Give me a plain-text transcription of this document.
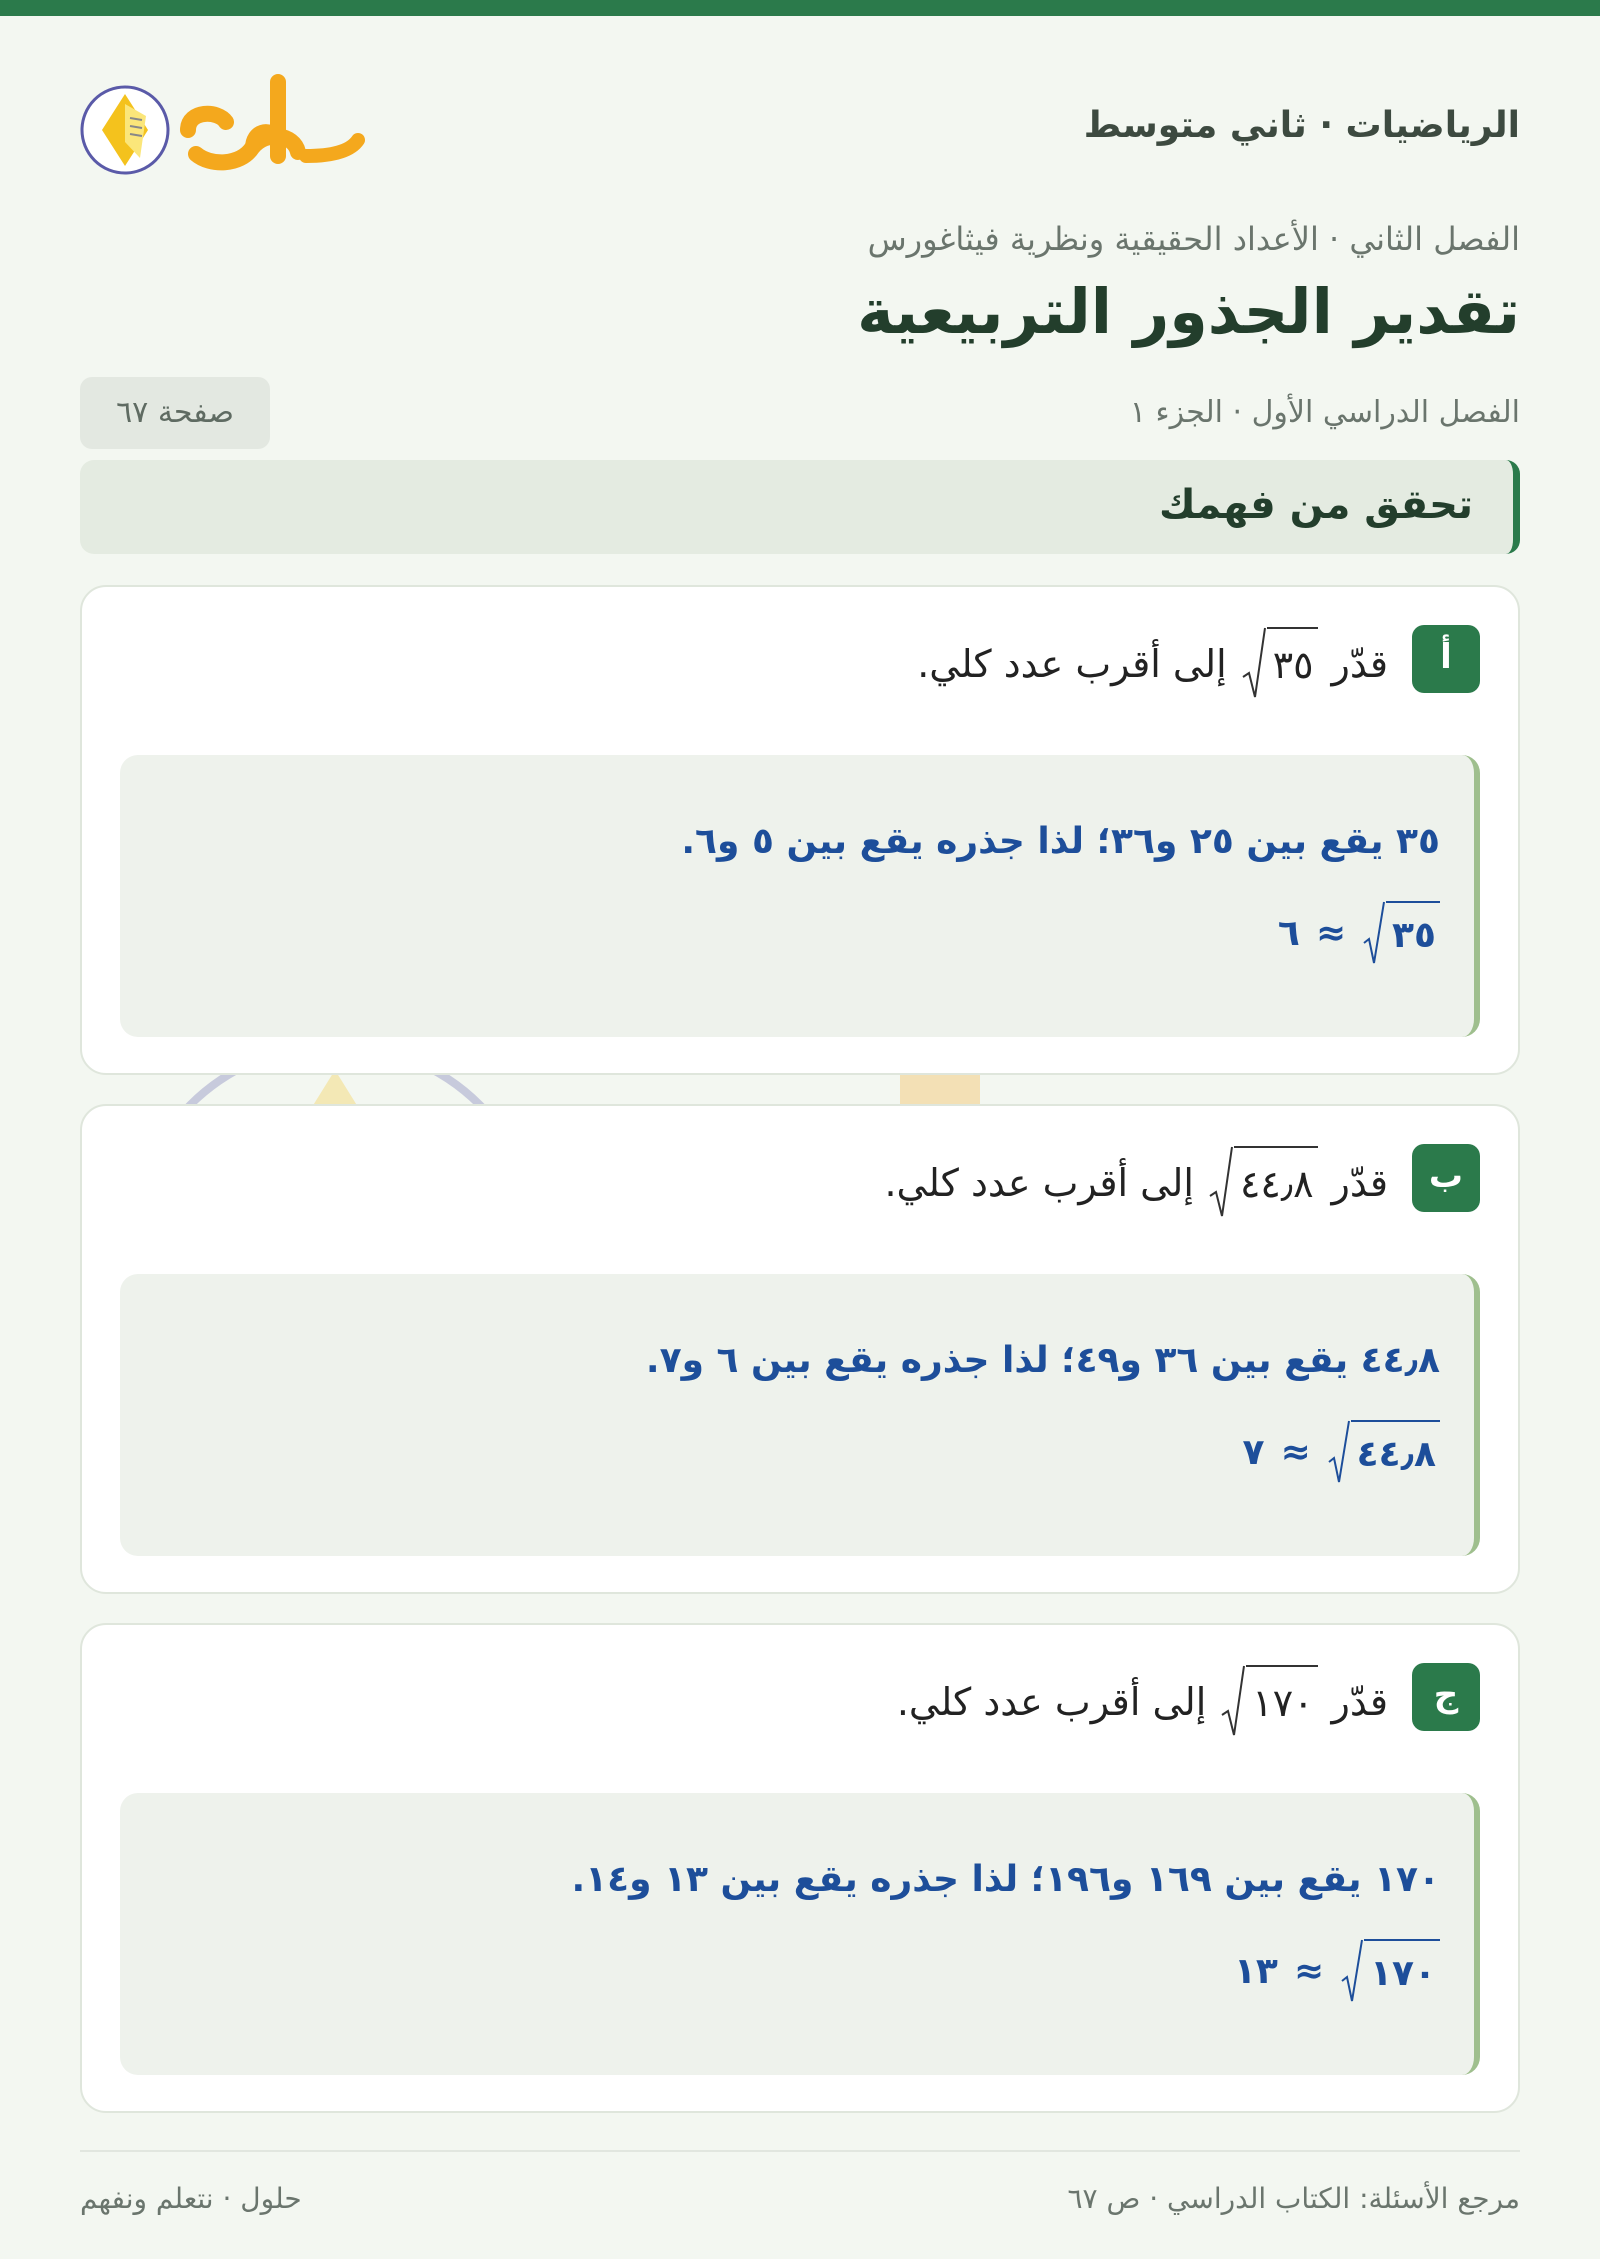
الرياضيات · ثاني متوسط
الفصل الثاني · الأعداد الحقيقية ونظرية فيثاغورس
تقدير الجذور التربيعية
الفصل الدراسي الأول · الجزء ١
صفحة ٦٧
تحقق من فهمك
أ
قدّر
٣٥
إلى أقرب عدد كلي.
٣٥ يقع بين ٢٥ و٣٦؛ لذا جذره يقع بين ٥ و٦.
٣٥
≈
٦
ب
قدّر
٤٤٫٨
إلى أقرب عدد كلي.
٤٤٫٨ يقع بين ٣٦ و٤٩؛ لذا جذره يقع بين ٦ و٧.
٤٤٫٨
≈
٧
ج
قدّر
١٧٠
إلى أقرب عدد كلي.
١٧٠ يقع بين ١٦٩ و١٩٦؛ لذا جذره يقع بين ١٣ و١٤.
١٧٠
≈
١٣
مرجع الأسئلة: الكتاب الدراسي · ص ٦٧
حلول · نتعلم ونفهم
